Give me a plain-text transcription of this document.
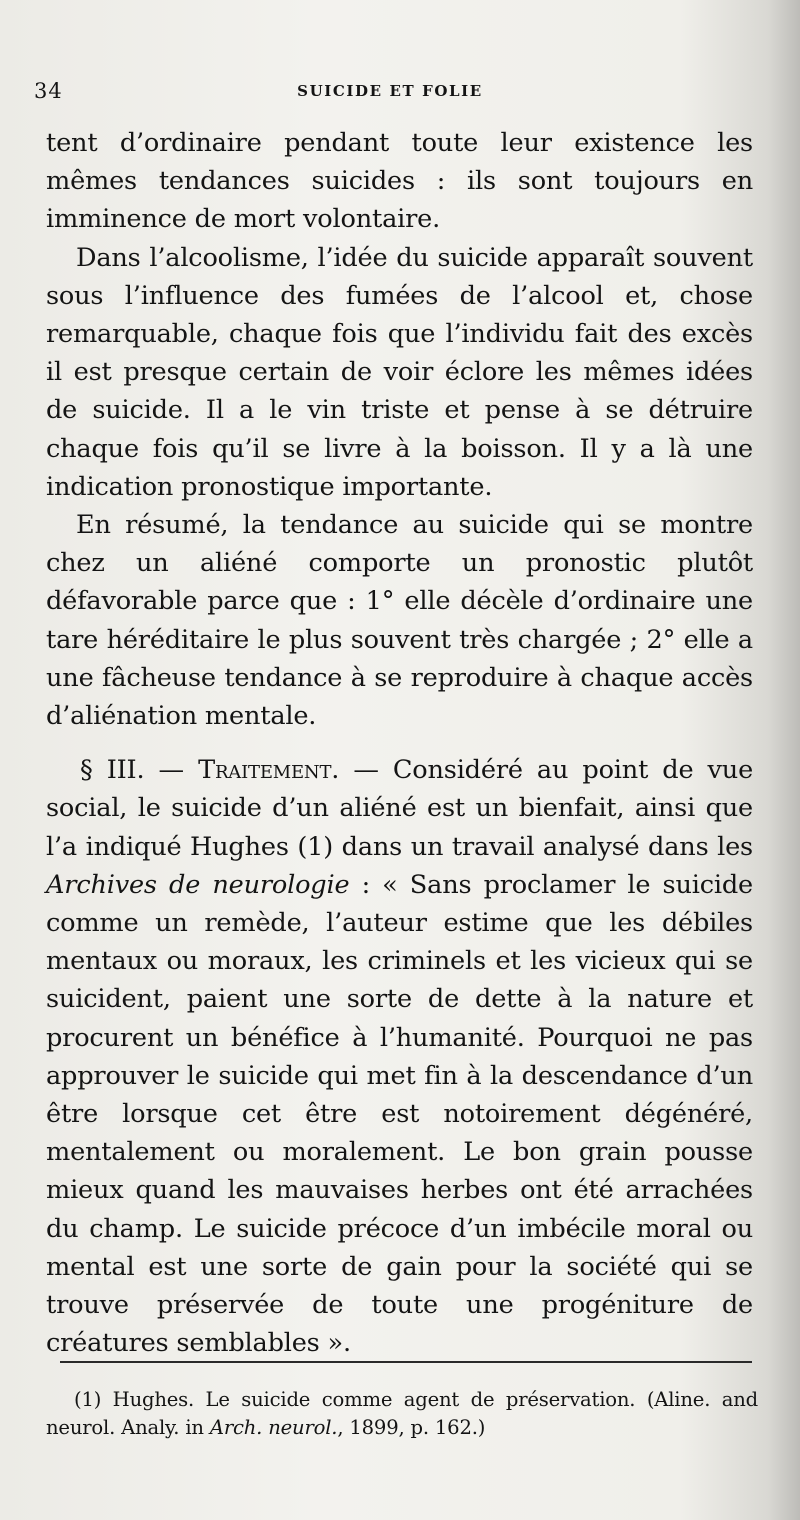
34	SUICIDE ET FOLIE

tent d’ordinaire pendant toute leur existence les mêmes tendances suicides : ils sont toujours en imminence de mort volontaire.

Dans l’alcoolisme, l’idée du suicide apparaît souvent sous l’influence des fumées de l’alcool et, chose remarquable, chaque fois que l’individu fait des excès il est presque certain de voir éclore les mêmes idées de suicide. Il a le vin triste et pense à se détruire chaque fois qu’il se livre à la boisson. Il y a là une indication pronostique importante.

En résumé, la tendance au suicide qui se montre chez un aliéné comporte un pronostic plutôt défavorable parce que : 1° elle décèle d’ordinaire une tare héréditaire le plus souvent très chargée ; 2° elle a une fâcheuse tendance à se reproduire à chaque accès d’aliénation mentale.

§ III. — Traitement. — Considéré au point de vue social, le suicide d’un aliéné est un bienfait, ainsi que l’a indiqué Hughes (1) dans un travail analysé dans les Archives de neurologie : « Sans proclamer le suicide comme un remède, l’auteur estime que les débiles mentaux ou moraux, les criminels et les vicieux qui se suicident, paient une sorte de dette à la nature et procurent un bénéfice à l’humanité. Pourquoi ne pas approuver le suicide qui met fin à la descendance d’un être lorsque cet être est notoirement dégénéré, mentalement ou moralement. Le bon grain pousse mieux quand les mauvaises herbes ont été arrachées du champ. Le suicide précoce d’un imbécile moral ou mental est une sorte de gain pour la société qui se trouve préservée de toute une progéniture de créatures semblables ».

(1) Hughes. Le suicide comme agent de préservation. (Aline. and neurol. Analy. in Arch. neurol., 1899, p. 162.)
